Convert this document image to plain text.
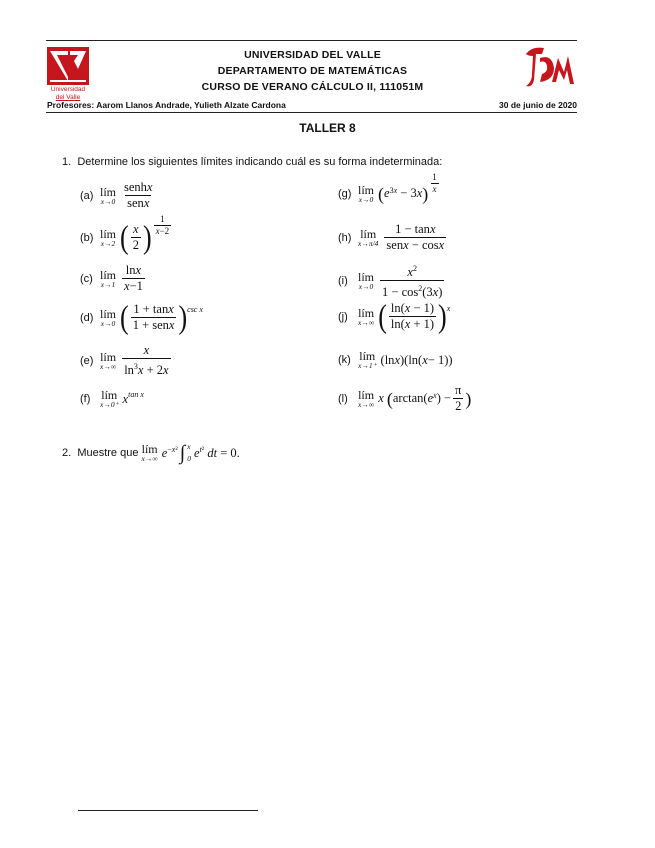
Universidad
del Valle
UNIVERSIDAD DEL VALLE
DEPARTAMENTO DE MATEMÁTICAS
CURSO DE VERANO CÁLCULO II, 111051M
Profesores: Aarom Llanos Andrade, Yulieth Alzate Cardona	30 de junio de 2020
TALLER 8
1. Determine los siguientes límites indicando cuál es su forma indeterminada:
(a) lím
$x\to 0 \frac{\text{senhx}}{\text{senx}}$
(b) lím
x→2 ( $\frac{x}{2}$ ) $\frac{1}{x-2}$
(c) lím
$x\to 1 \frac{\ln x}{x-1}$
(d) lím
x→0 ( $\frac{1 + \tan x}{\text{1 + senx}} )^{csc x}$
(e) lím
$x\to\infty \frac{x}{\ln^3x + 2x}$
(f) lím
x→0⁺ $x^{tan x}$
(g) lím
x→0 ( $e^{3x} - 3$ x ) $\frac{1}{x}$
(h) lím
$x\to\pi/4 \frac{1 - \tan x}{\text{senx − cosx}}$
(i) lím
$x\to 0 \frac{x^2}{1 - \cos^2(3x)}$
(j) lím
x→∞ ( $\frac{\ln(x - 1)}{\ln(x + 1)} )^x$
(k) lím
x→1⁺ (ln x )(ln( x − 1))
(l) lím
x→∞ x
( arctan( e $^x$ ) − $\frac{\pi}{2}$ )
2.
Muestre que
lím
x→∞ $e^{-x^2}$ ∫ x
0 e $^{t^2}$
dt
= 0.
